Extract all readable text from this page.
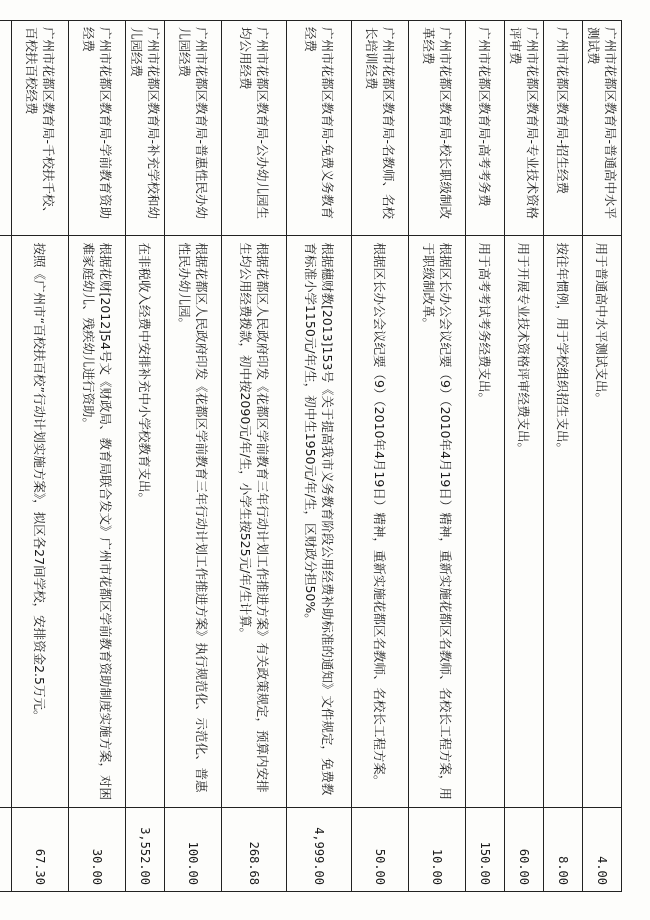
广州市花都区教育局-普通高中水平测试费	用于普通高中水平测试支出。	4.00
广州市花都区教育局-招生经费	按往年惯例，用于学校组织招生支出。	8.00
广州市花都区教育局-专业技术资格评审费	用于开展专业技术资格评审经费支出。	60.00
广州市花都区教育局-高考考务费	用于高考考试考务经费支出。	150.00
广州市花都区教育局-校长职级制改革经费	根据区长办公会议纪要（9）（2010年4月19日）精神，重新实施花都区名教师、名校长工程方案，用于职级制改革。	10.00
广州市花都区教育局-名教师、名校长培训经费	根据区长办公会议纪要（9）（2010年4月19日）精神，重新实施花都区名教师、名校长工程方案。	50.00
广州市花都区教育局-免费义务教育经费	根据穗财教[2013]153号《关于提高我市义务教育阶段公用经费补助标准的通知》文件规定，免费教育标准小学1150元/年/生，初中生1950元/年/生，区财政分担50%。	4,999.00
广州市花都区教育局-公办幼儿园生均公用经费	根据花都区人民政府印发《花都区学前教育三年行动计划工作推进方案》有关政策规定，预算内安排生均公用经费拨款，初中按2090元/年/生，小学生按525元/年/生计算。	268.68
广州市花都区教育局-普惠性民办幼儿园经费	根据花都区人民政府印发《花都区学前教育三年行动计划工作推进方案》执行规范化、示范化、普惠性民办幼儿园。	100.00
广州市花都区教育局-补充学校和幼儿园经费	在非税收入经费中安排补充中小学校教育支出。	3,552.00
广州市花都区教育局-学前教育资助经费	根据花财[2012]54号文《财政局、教育局联合发文》广州市花都区学前教育资助制度实施方案，对困难家庭幼儿、残疾幼儿进行资助。	30.00
广州市花都区教育局-千校扶千校、百校扶百校经费	按照《广州市“百校扶百校”行动计划实施方案》，拟区各27间学校，安排资金2.5万元。	67.30
